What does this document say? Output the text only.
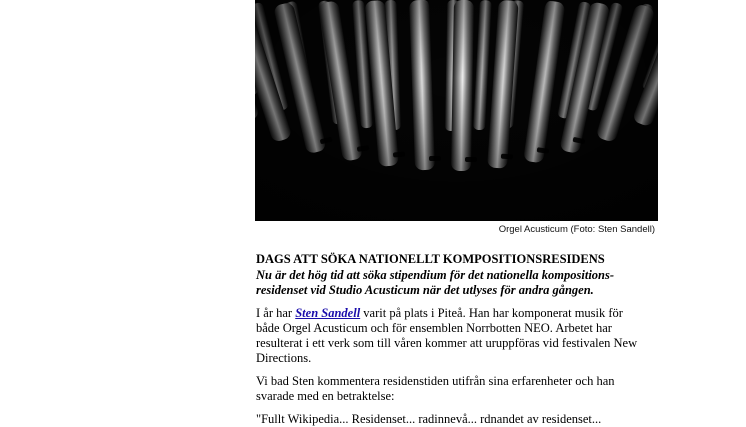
Orgel Acusticum (Foto: Sten Sandell)

DAGS ATT SÖKA NATIONELLT KOMPOSITIONSRESIDENS

Nu är det hög tid att söka stipendium för det nationella kompositions-
residenset vid Studio Acusticum när det utlyses för andra gången.

I år har Sten Sandell varit på plats i Piteå. Han har komponerat musik för
både Orgel Acusticum och för ensemblen Norrbotten NEO. Arbetet har
resulterat i ett verk som till våren kommer att uruppföras vid festivalen New
Directions.

Vi bad Sten kommentera residenstiden utifrån sina erfarenheter och han
svarade med en betraktelse:

"Fullt Wikipedia... Residenset... radinnevå... rdnandet av residenset...
